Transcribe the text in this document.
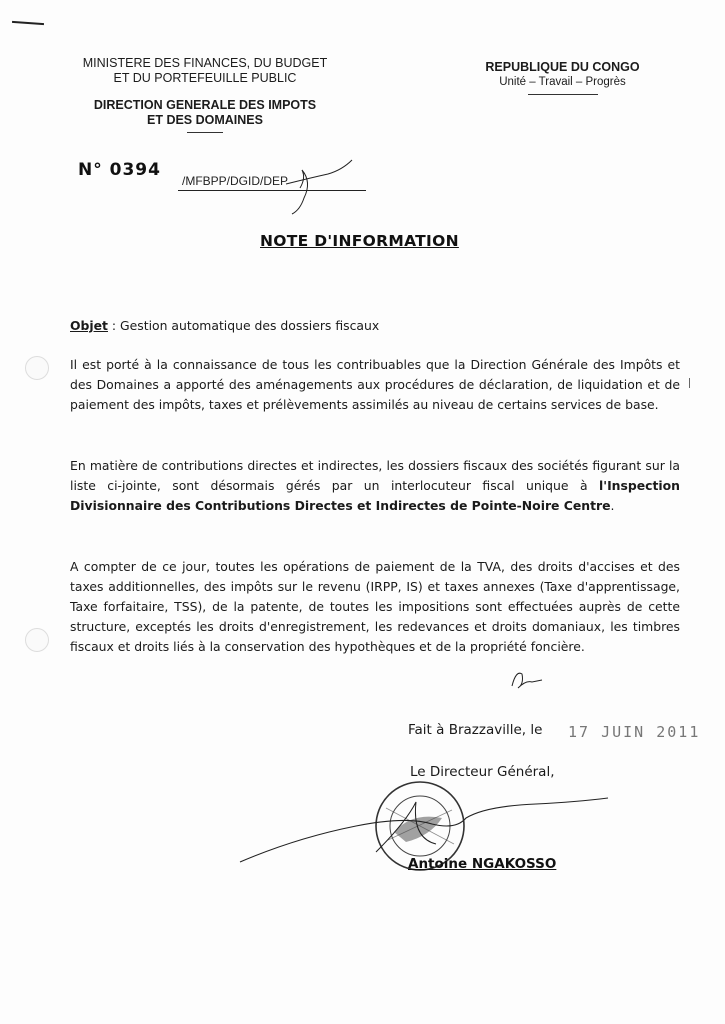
MINISTERE DES FINANCES, DU BUDGET
ET DU PORTEFEUILLE PUBLIC
DIRECTION GENERALE DES IMPOTS
ET DES DOMAINES
REPUBLIQUE DU CONGO
Unité – Travail – Progrès
N° 0394
/MFBPP/DGID/DEP
NOTE D'INFORMATION
Objet : Gestion automatique des dossiers fiscaux
Il est porté à la connaissance de tous les contribuables que la Direction Générale des Impôts et des Domaines a apporté des aménagements aux procédures de déclaration, de liquidation et de paiement des impôts, taxes et prélèvements assimilés au niveau de certains services de base.
En matière de contributions directes et indirectes, les dossiers fiscaux des sociétés figurant sur la liste ci-jointe, sont désormais gérés par un interlocuteur fiscal unique à l'Inspection Divisionnaire des Contributions Directes et Indirectes de Pointe-Noire Centre.
A compter de ce jour, toutes les opérations de paiement de la TVA, des droits d'accises et des taxes additionnelles, des impôts sur le revenu (IRPP, IS) et taxes annexes (Taxe d'apprentissage, Taxe forfaitaire, TSS), de la patente, de toutes les impositions sont effectuées auprès de cette structure, exceptés les droits d'enregistrement, les redevances et droits domaniaux, les timbres fiscaux et droits liés à la conservation des hypothèques et de la propriété foncière.
Fait à Brazzaville, le 17 JUIN 2011
Le Directeur Général,
Antoine NGAKOSSO
